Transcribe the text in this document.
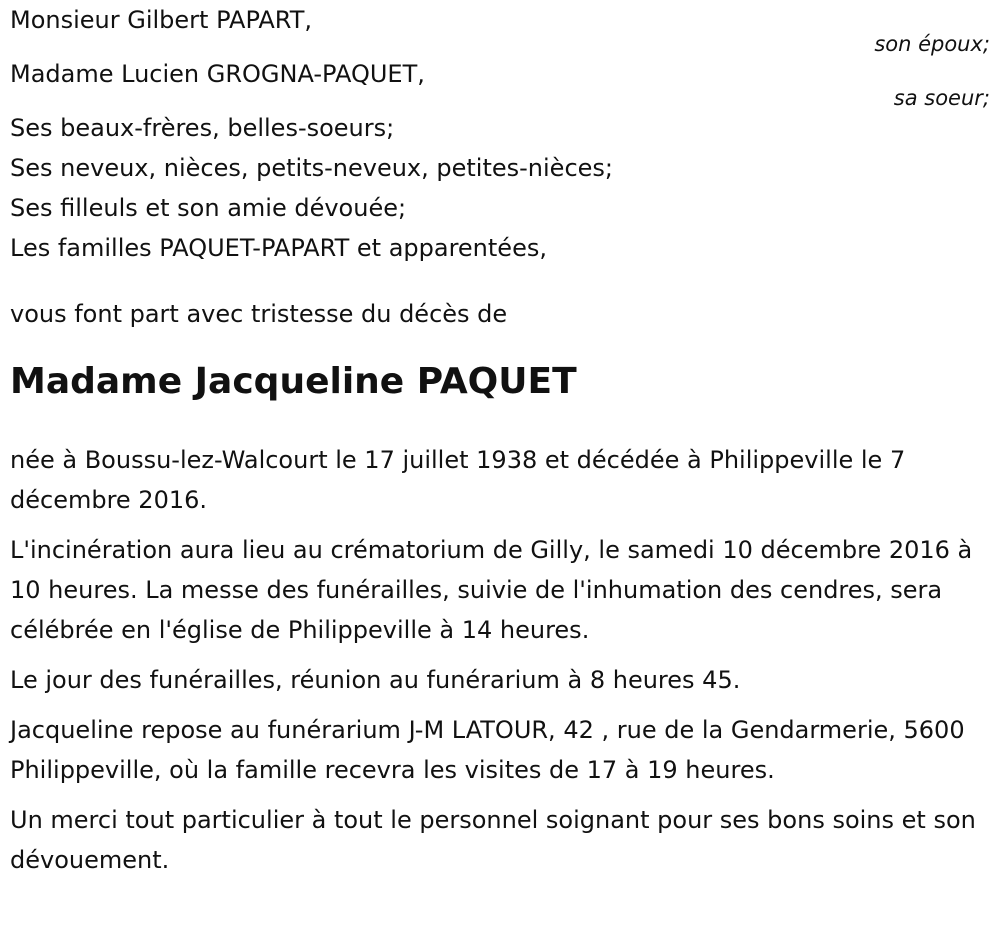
Monsieur Gilbert PAPART,
son époux;
Madame Lucien GROGNA-PAQUET,
sa soeur;
Ses beaux-frères, belles-soeurs;
Ses neveux, nièces, petits-neveux, petites-nièces;
Ses filleuls et son amie dévouée;
Les familles PAQUET-PAPART et apparentées,
vous font part avec tristesse du décès de
Madame Jacqueline PAQUET

née à Boussu-lez-Walcourt le 17 juillet 1938 et décédée à Philippeville le 7 décembre 2016.

L'incinération aura lieu au crématorium de Gilly, le samedi 10 décembre 2016 à 10 heures. La messe des funérailles, suivie de l'inhumation des cendres, sera célébrée en l'église de Philippeville à 14 heures.

Le jour des funérailles, réunion au funérarium à 8 heures 45.

Jacqueline repose au funérarium J-M LATOUR, 42 , rue de la Gendarmerie, 5600 Philippeville, où la famille recevra les visites de 17 à 19 heures.

Un merci tout particulier à tout le personnel soignant pour ses bons soins et son dévouement.
